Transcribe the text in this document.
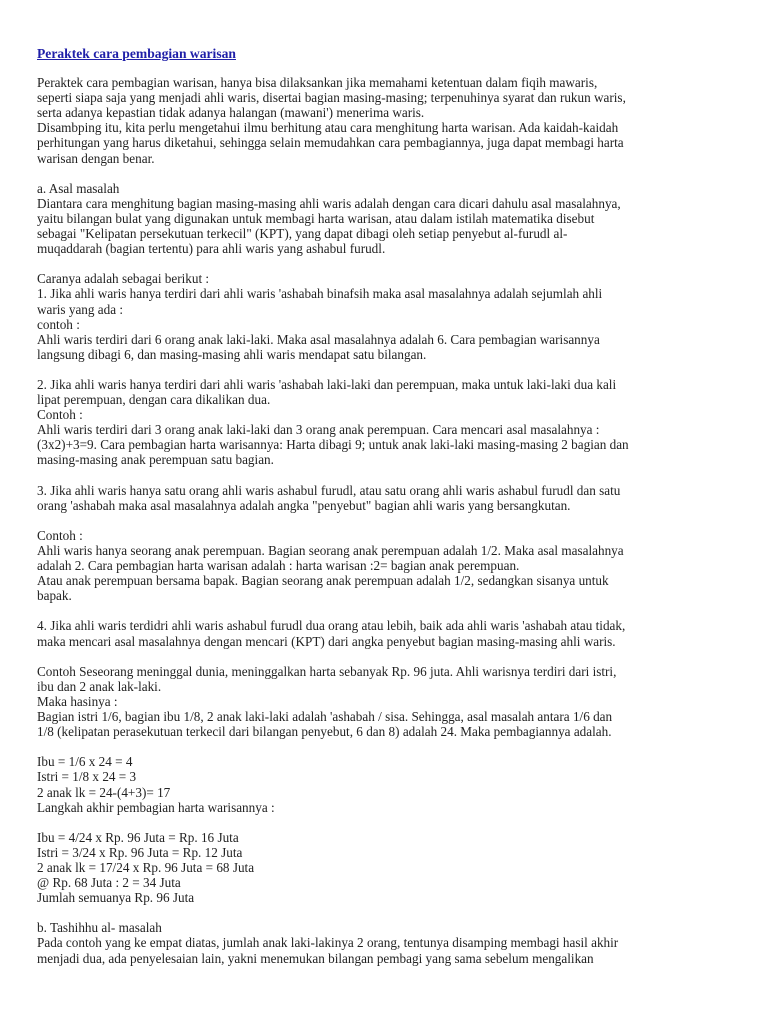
Peraktek cara pembagian warisan
Peraktek cara pembagian warisan, hanya bisa dilaksankan jika memahami ketentuan dalam fiqih mawaris,
seperti siapa saja yang menjadi ahli waris, disertai bagian masing-masing; terpenuhinya syarat dan rukun waris,
serta adanya kepastian tidak adanya halangan (mawani') menerima waris.
Disambping itu, kita perlu mengetahui ilmu berhitung atau cara menghitung harta warisan. Ada kaidah-kaidah
perhitungan yang harus diketahui, sehingga selain memudahkan cara pembagiannya, juga dapat membagi harta
warisan dengan benar.
a. Asal masalah
Diantara cara menghitung bagian masing-masing ahli waris adalah dengan cara dicari dahulu asal masalahnya,
yaitu bilangan bulat yang digunakan untuk membagi harta warisan, atau dalam istilah matematika disebut
sebagai "Kelipatan persekutuan terkecil" (KPT), yang dapat dibagi oleh setiap penyebut al-furudl al-
muqaddarah (bagian tertentu) para ahli waris yang ashabul furudl.
Caranya adalah sebagai berikut :
1. Jika ahli waris hanya terdiri dari ahli waris 'ashabah binafsih maka asal masalahnya adalah sejumlah ahli
waris yang ada :
contoh :
Ahli waris terdiri dari 6 orang anak laki-laki. Maka asal masalahnya adalah 6. Cara pembagian warisannya
langsung dibagi 6, dan masing-masing ahli waris mendapat satu bilangan.
2. Jika ahli waris hanya terdiri dari ahli waris 'ashabah laki-laki dan perempuan, maka untuk laki-laki dua kali
lipat perempuan, dengan cara dikalikan dua.
Contoh :
Ahli waris terdiri dari 3 orang anak laki-laki dan 3 orang anak perempuan. Cara mencari asal masalahnya :
(3x2)+3=9. Cara pembagian harta warisannya: Harta dibagi 9; untuk anak laki-laki masing-masing 2 bagian dan
masing-masing anak perempuan satu bagian.
3. Jika ahli waris hanya satu orang ahli waris ashabul furudl, atau satu orang ahli waris ashabul furudl dan satu
orang 'ashabah maka asal masalahnya adalah angka "penyebut" bagian ahli waris yang bersangkutan.
Contoh :
Ahli waris hanya seorang anak perempuan. Bagian seorang anak perempuan adalah 1/2. Maka asal masalahnya
adalah 2. Cara pembagian harta warisan adalah : harta warisan :2= bagian anak perempuan.
Atau anak perempuan bersama bapak. Bagian seorang anak perempuan adalah 1/2, sedangkan sisanya untuk
bapak.
4. Jika ahli waris terdidri ahli waris ashabul furudl dua orang atau lebih, baik ada ahli waris 'ashabah atau tidak,
maka mencari asal masalahnya dengan mencari (KPT) dari angka penyebut bagian masing-masing ahli waris.
Contoh Seseorang meninggal dunia, meninggalkan harta sebanyak Rp. 96 juta. Ahli warisnya terdiri dari istri,
ibu dan 2 anak lak-laki.
Maka hasinya :
Bagian istri 1/6, bagian ibu 1/8, 2 anak laki-laki adalah 'ashabah / sisa. Sehingga, asal masalah antara 1/6 dan
1/8 (kelipatan perasekutuan terkecil dari bilangan penyebut, 6 dan 8) adalah 24. Maka pembagiannya adalah.
Ibu = 1/6 x 24 = 4
Istri = 1/8 x 24 = 3
2 anak lk = 24-(4+3)= 17
Langkah akhir pembagian harta warisannya :
Ibu = 4/24 x Rp. 96 Juta = Rp. 16 Juta
Istri = 3/24 x Rp. 96 Juta = Rp. 12 Juta
2 anak lk = 17/24 x Rp. 96 Juta = 68 Juta
@ Rp. 68 Juta : 2 = 34 Juta
Jumlah semuanya Rp. 96 Juta
b. Tashihhu al- masalah
Pada contoh yang ke empat diatas, jumlah anak laki-lakinya 2 orang, tentunya disamping membagi hasil akhir
menjadi dua, ada penyelesaian lain, yakni menemukan bilangan pembagi yang sama sebelum mengalikan
